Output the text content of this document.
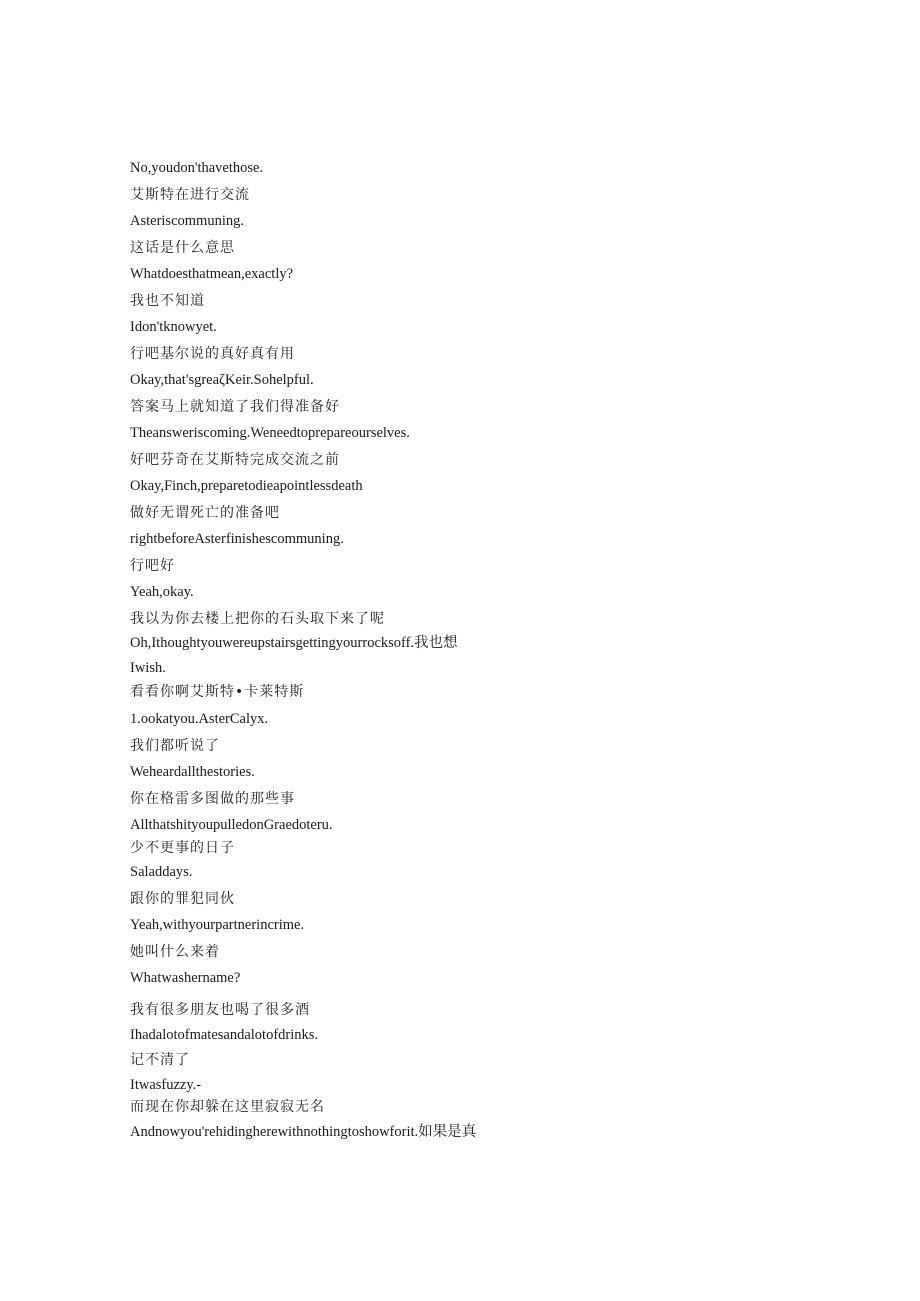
No,youdon'thavethose.
艾斯特在进行交流
Asteriscommuning.
这话是什么意思
Whatdoesthatmean,exactly?
我也不知道
Idon'tknowyet.
行吧基尔说的真好真有用
Okay,that'sgreaζKeir.Sohelpful.
答案马上就知道了我们得准备好
Theansweriscoming.Weneedtoprepareourselves.
好吧芬奇在艾斯特完成交流之前
Okay,Finch,preparetodieapointlessdeath
做好无谓死亡的准备吧
rightbeforeAsterfinishescommuning.
行吧好
Yeah,okay.
我以为你去楼上把你的石头取下来了呢
Oh,Ithoughtyouwereupstairsgettingyourrocksoff.我也想
Iwish.
看看你啊艾斯特•卡莱特斯
1.ookatyou.AsterCalyx.
我们都听说了
Weheardallthestories.
你在格雷多图做的那些事
AllthatshityoupulledonGraedoteru.
少不更事的日子
Saladdays.
跟你的罪犯同伙
Yeah,withyourpartnerincrime.
她叫什么来着
Whatwashername?
我有很多朋友也喝了很多酒
Ihadalotofmatesandalotofdrinks.
记不清了
Itwasfuzzy.-
而现在你却躲在这里寂寂无名
Andnowyou'rehidingherewithnothingtoshowforit.如果是真
